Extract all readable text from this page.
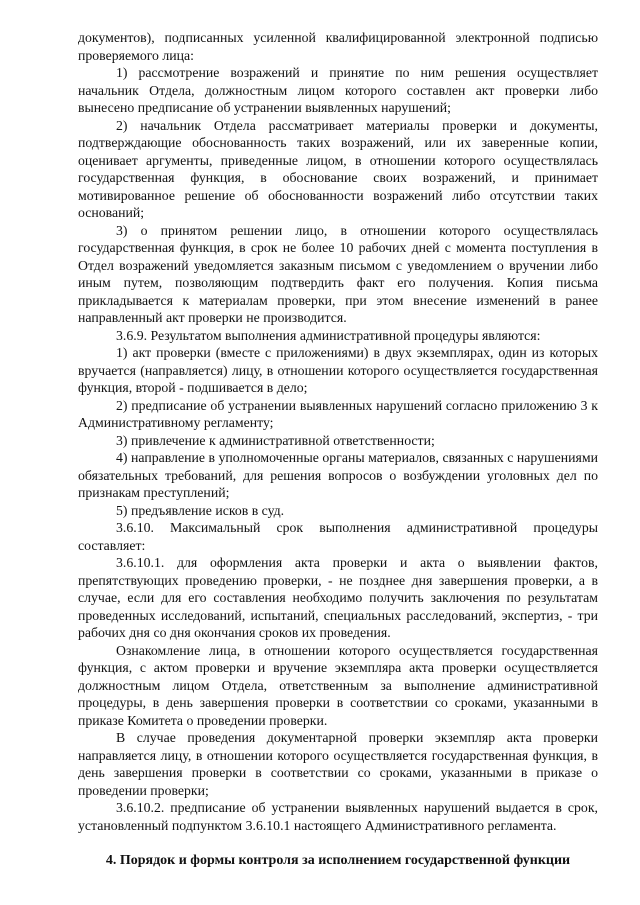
документов), подписанных усиленной квалифицированной электронной подписью проверяемого лица:

1) рассмотрение возражений и принятие по ним решения осуществляет начальник Отдела, должностным лицом которого составлен акт проверки либо вынесено предписание об устранении выявленных нарушений;

2) начальник Отдела рассматривает материалы проверки и документы, подтверждающие обоснованность таких возражений, или их заверенные копии, оценивает аргументы, приведенные лицом, в отношении которого осуществлялась государственная функция, в обоснование своих возражений, и принимает мотивированное решение об обоснованности возражений либо отсутствии таких оснований;

3) о принятом решении лицо, в отношении которого осуществлялась государственная функция, в срок не более 10 рабочих дней с момента поступления в Отдел возражений уведомляется заказным письмом с уведомлением о вручении либо иным путем, позволяющим подтвердить факт его получения. Копия письма прикладывается к материалам проверки, при этом внесение изменений в ранее направленный акт проверки не производится.

3.6.9. Результатом выполнения административной процедуры являются:

1) акт проверки (вместе с приложениями) в двух экземплярах, один из которых вручается (направляется) лицу, в отношении которого осуществляется государственная функция, второй - подшивается в дело;

2) предписание об устранении выявленных нарушений согласно приложению 3 к Административному регламенту;

3) привлечение к административной ответственности;

4) направление в уполномоченные органы материалов, связанных с нарушениями обязательных требований, для решения вопросов о возбуждении уголовных дел по признакам преступлений;

5) предъявление исков в суд.

3.6.10. Максимальный срок выполнения административной процедуры составляет:

3.6.10.1. для оформления акта проверки и акта о выявлении фактов, препятствующих проведению проверки, - не позднее дня завершения проверки, а в случае, если для его составления необходимо получить заключения по результатам проведенных исследований, испытаний, специальных расследований, экспертиз, - три рабочих дня со дня окончания сроков их проведения.

Ознакомление лица, в отношении которого осуществляется государственная функция, с актом проверки и вручение экземпляра акта проверки осуществляется должностным лицом Отдела, ответственным за выполнение административной процедуры, в день завершения проверки в соответствии со сроками, указанными в приказе Комитета о проведении проверки.

В случае проведения документарной проверки экземпляр акта проверки направляется лицу, в отношении которого осуществляется государственная функция, в день завершения проверки в соответствии со сроками, указанными в приказе о проведении проверки;

3.6.10.2. предписание об устранении выявленных нарушений выдается в срок, установленный подпунктом 3.6.10.1 настоящего Административного регламента.

4. Порядок и формы контроля за исполнением государственной функции
